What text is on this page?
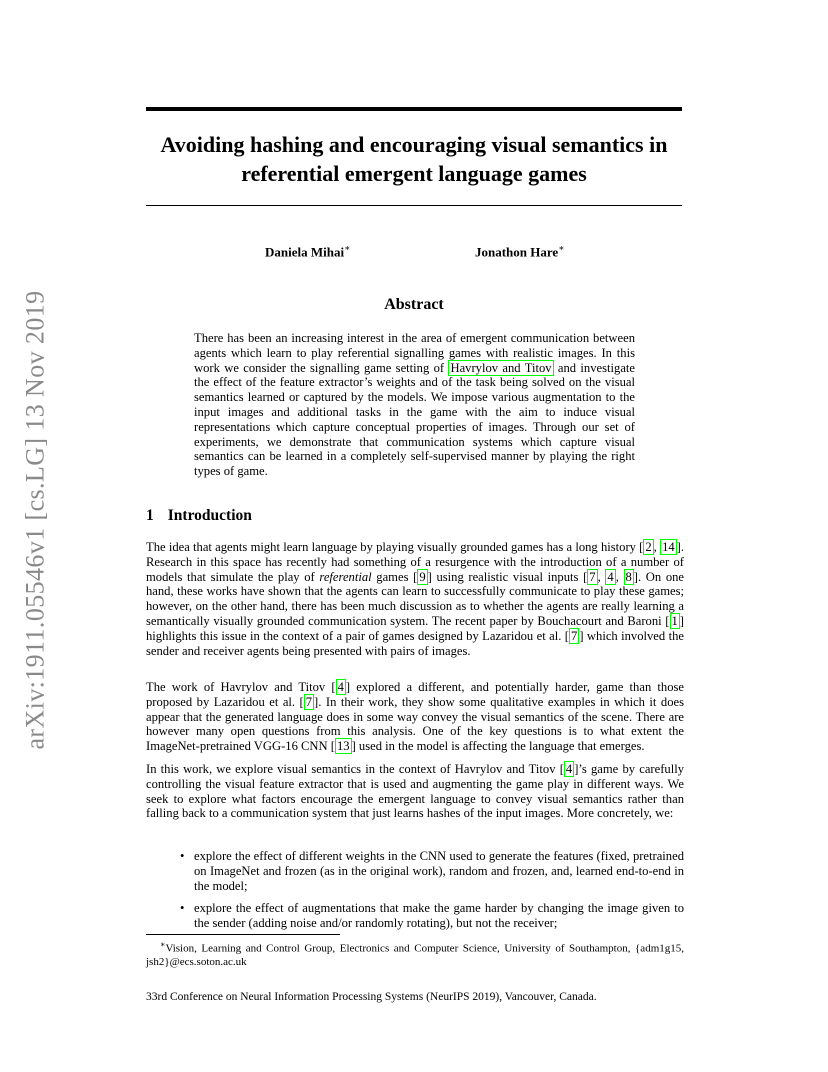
arXiv:1911.05546v1 [cs.LG] 13 Nov 2019
Avoiding hashing and encouraging visual semantics in referential emergent language games
Daniela Mihai∗	Jonathon Hare∗
Abstract

There has been an increasing interest in the area of emergent communication between agents which learn to play referential signalling games with realistic images. In this work we consider the signalling game setting of Havrylov and Titov and investigate the effect of the feature extractor’s weights and of the task being solved on the visual semantics learned or captured by the models. We impose various augmentation to the input images and additional tasks in the game with the aim to induce visual representations which capture conceptual properties of images. Through our set of experiments, we demonstrate that communication systems which capture visual semantics can be learned in a completely self-supervised manner by playing the right types of game.

1 Introduction

The idea that agents might learn language by playing visually grounded games has a long history [ 2 , 14 ]. Research in this space has recently had something of a resurgence with the introduction of a number of models that simulate the play of referential games [ 9 ] using realistic visual inputs [ 7 , 4 , 8 ]. On one hand, these works have shown that the agents can learn to successfully communicate to play these games; however, on the other hand, there has been much discussion as to whether the agents are really learning a semantically visually grounded communication system. The recent paper by Bouchacourt and Baroni [ 1 ] highlights this issue in the context of a pair of games designed by Lazaridou et al. [ 7 ] which involved the sender and receiver agents being presented with pairs of images.

The work of Havrylov and Titov [ 4 ] explored a different, and potentially harder, game than those proposed by Lazaridou et al. [ 7 ]. In their work, they show some qualitative examples in which it does appear that the generated language does in some way convey the visual semantics of the scene. There are however many open questions from this analysis. One of the key questions is to what extent the ImageNet-pretrained VGG-16 CNN [ 13 ] used in the model is affecting the language that emerges.

In this work, we explore visual semantics in the context of Havrylov and Titov [ 4 ]’s game by carefully controlling the visual feature extractor that is used and augmenting the game play in different ways. We seek to explore what factors encourage the emergent language to convey visual semantics rather than falling back to a communication system that just learns hashes of the input images. More concretely, we:

• explore the effect of different weights in the CNN used to generate the features (fixed, pretrained on ImageNet and frozen (as in the original work), random and frozen, and, learned end-to-end in the model;
• explore the effect of augmentations that make the game harder by changing the image given to the sender (adding noise and/or randomly rotating), but not the receiver;

∗Vision, Learning and Control Group, Electronics and Computer Science, University of Southampton, {adm1g15, jsh2}@ecs.soton.ac.uk

33rd Conference on Neural Information Processing Systems (NeurIPS 2019), Vancouver, Canada.
